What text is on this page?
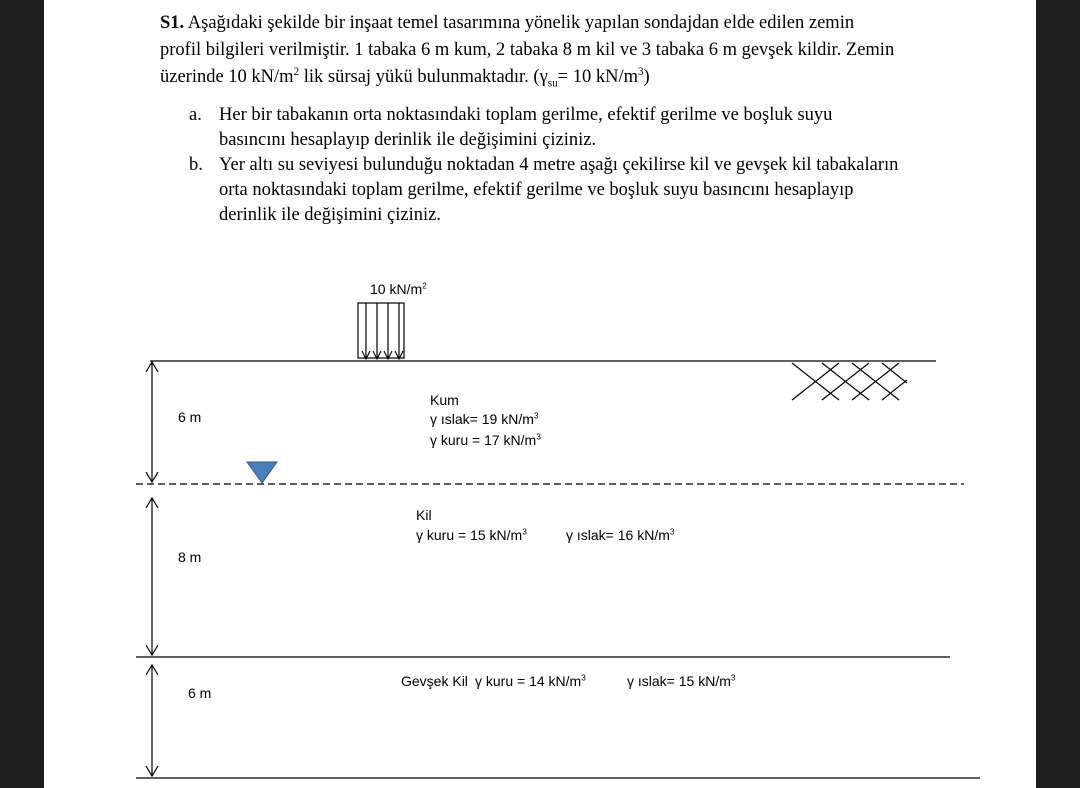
S1. Aşağıdaki şekilde bir inşaat temel tasarımına yönelik yapılan sondajdan elde edilen zemin
profil bilgileri verilmiştir. 1 tabaka 6 m kum, 2 tabaka 8 m kil ve 3 tabaka 6 m gevşek kildir. Zemin
üzerinde 10 $kN/m^2$ lik sürsaj yükü bulunmaktadır. ($\gamma_{su}= 10$ $kN/m^3$)
a. Her bir tabakanın orta noktasındaki toplam gerilme, efektif gerilme ve boşluk suyu
basıncını hesaplayıp derinlik ile değişimini çiziniz.
b. Yer altı su seviyesi bulunduğu noktadan 4 metre aşağı çekilirse kil ve gevşek kil tabakaların
orta noktasındaki toplam gerilme, efektif gerilme ve boşluk suyu basıncını hesaplayıp
derinlik ile değişimini çiziniz.
10 $kN/m^2$
6 m
Kum
γ ıslak= 19 $kN/m^3$
γ kuru = 17 $kN/m^3$
Kil
γ kuru = 15 $kN/m^3$	γ ıslak= 16 $kN/m^3$
8 m
Gevşek Kil γ kuru = 14 $kN/m^3$	γ ıslak= 15 $kN/m^3$
6 m
